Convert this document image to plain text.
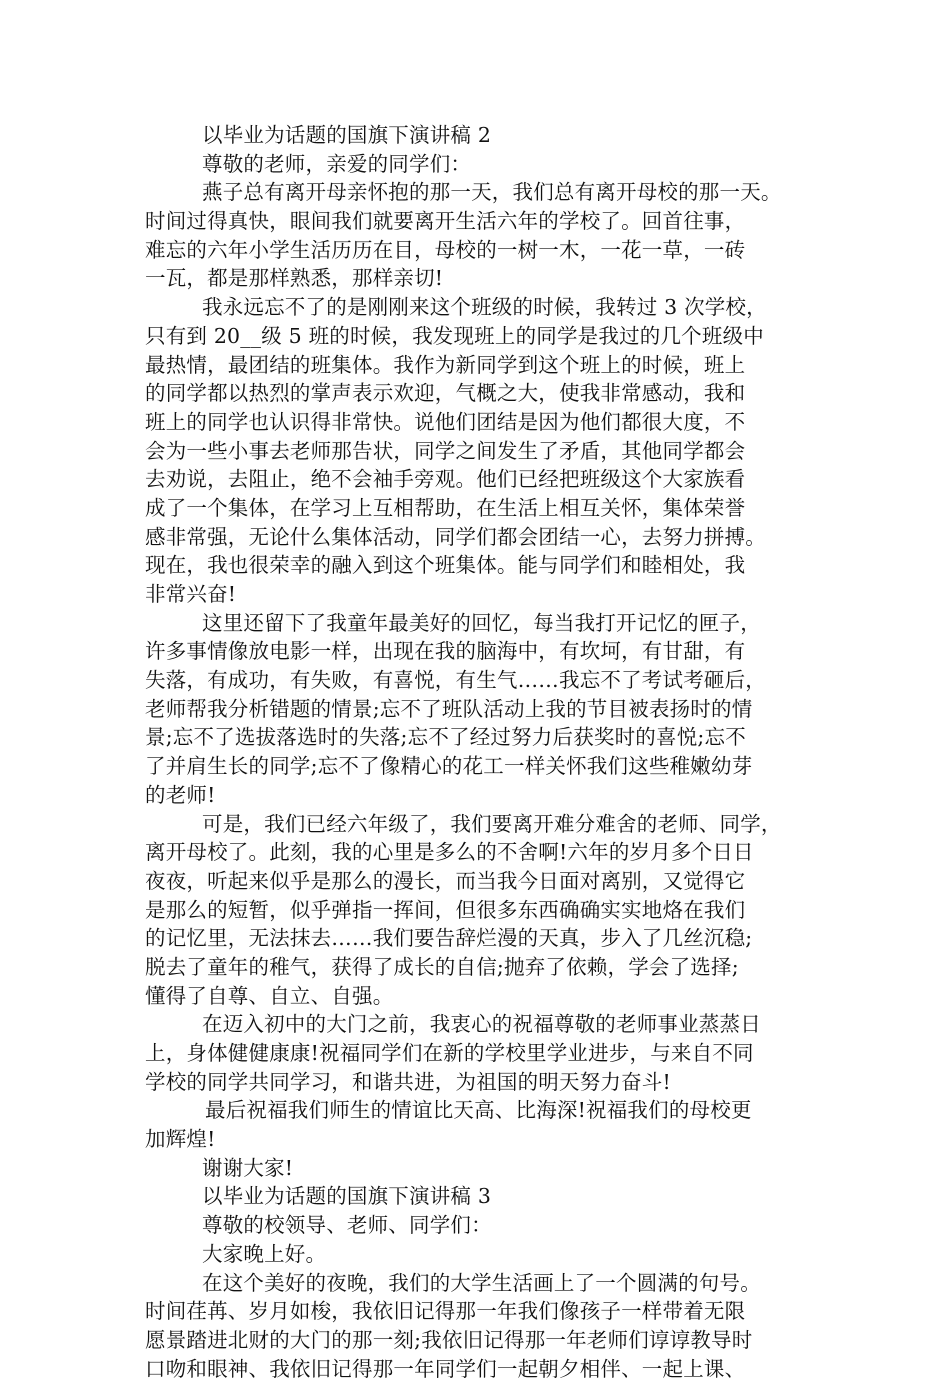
以毕业为话题的国旗下演讲稿 2
尊敬的老师，亲爱的同学们：
燕子总有离开母亲怀抱的那一天，我们总有离开母校的那一天。
时间过得真快，眼间我们就要离开生活六年的学校了。回首往事，
难忘的六年小学生活历历在目，母校的一树一木，一花一草，一砖
一瓦，都是那样熟悉，那样亲切!
我永远忘不了的是刚刚来这个班级的时候，我转过 3 次学校，
只有到 20__级 5 班的时候，我发现班上的同学是我过的几个班级中
最热情，最团结的班集体。我作为新同学到这个班上的时候，班上
的同学都以热烈的掌声表示欢迎，气概之大，使我非常感动，我和
班上的同学也认识得非常快。说他们团结是因为他们都很大度，不
会为一些小事去老师那告状，同学之间发生了矛盾，其他同学都会
去劝说，去阻止，绝不会袖手旁观。他们已经把班级这个大家族看
成了一个集体，在学习上互相帮助，在生活上相互关怀，集体荣誉
感非常强，无论什么集体活动，同学们都会团结一心，去努力拼搏。
现在，我也很荣幸的融入到这个班集体。能与同学们和睦相处，我
非常兴奋!
这里还留下了我童年最美好的回忆，每当我打开记忆的匣子，
许多事情像放电影一样，出现在我的脑海中，有坎坷，有甘甜，有
失落，有成功，有失败，有喜悦，有生气……我忘不了考试考砸后，
老师帮我分析错题的情景;忘不了班队活动上我的节目被表扬时的情
景;忘不了选拔落选时的失落;忘不了经过努力后获奖时的喜悦;忘不
了并肩生长的同学;忘不了像精心的花工一样关怀我们这些稚嫩幼芽
的老师!
可是，我们已经六年级了，我们要离开难分难舍的老师、同学，
离开母校了。此刻，我的心里是多么的不舍啊!六年的岁月多个日日
夜夜，听起来似乎是那么的漫长，而当我今日面对离别，又觉得它
是那么的短暂，似乎弹指一挥间，但很多东西确确实实地烙在我们
的记忆里，无法抹去……我们要告辞烂漫的天真，步入了几丝沉稳;
脱去了童年的稚气，获得了成长的自信;抛弃了依赖，学会了选择;
懂得了自尊、自立、自强。
在迈入初中的大门之前，我衷心的祝福尊敬的老师事业蒸蒸日
上，身体健健康康!祝福同学们在新的学校里学业进步，与来自不同
学校的同学共同学习，和谐共进，为祖国的明天努力奋斗!
最后祝福我们师生的情谊比天高、比海深!祝福我们的母校更
加辉煌!
谢谢大家!
以毕业为话题的国旗下演讲稿 3
尊敬的校领导、老师、同学们：
大家晚上好。
在这个美好的夜晚，我们的大学生活画上了一个圆满的句号。
时间荏苒、岁月如梭，我依旧记得那一年我们像孩子一样带着无限
愿景踏进北财的大门的那一刻;我依旧记得那一年老师们谆谆教导时
口吻和眼神、我依旧记得那一年同学们一起朝夕相伴、一起上课、
